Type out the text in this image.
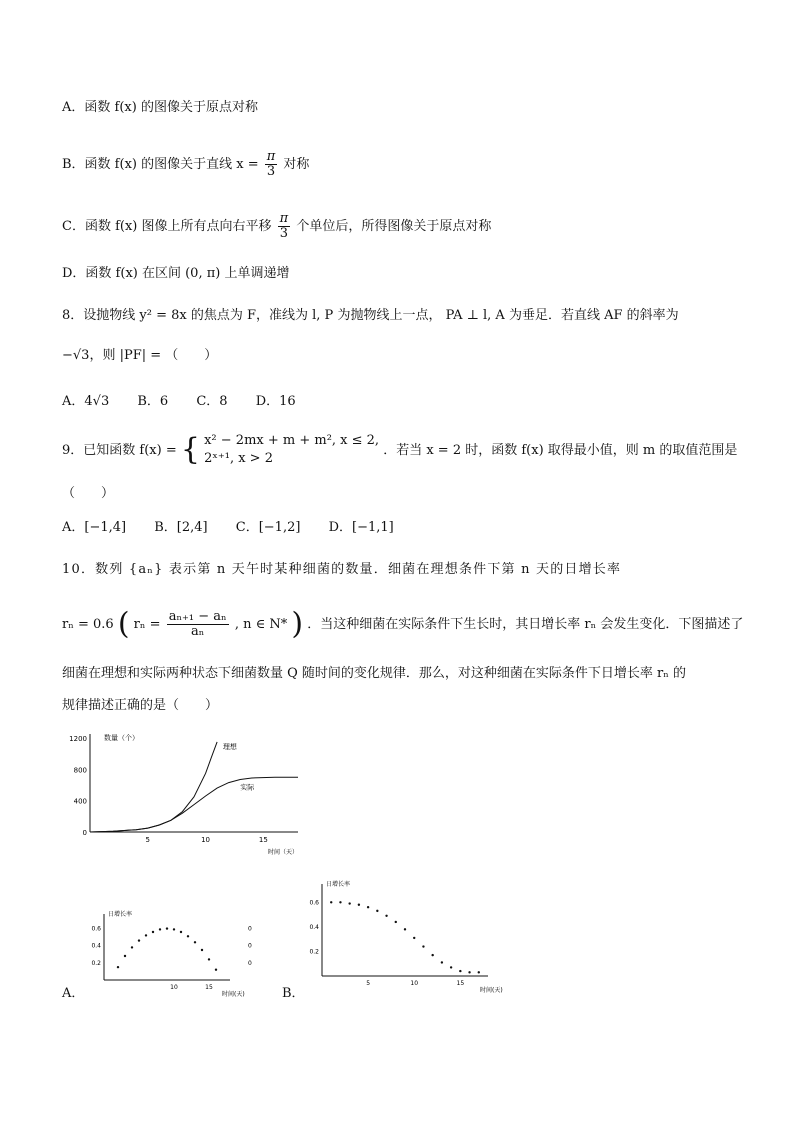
A．函数 f(x) 的图像关于原点对称
B．函数 f(x) 的图像关于直线 $x = \frac{\pi}{3}$ 对称
C．函数 f(x) 图像上所有点向右平移 $\frac{\pi}{3}$ 个单位后，所得图像关于原点对称
D．函数 f(x) 在区间 (0, π) 上单调递增
8．设抛物线 y² = 8x 的焦点为 F，准线为 l, P 为抛物线上一点， PA ⊥ l, A 为垂足．若直线 AF 的斜率为
−√3，则 |PF| = （　　）
A．4√3 B．6 C．8 D．16
9．已知函数 f(x) = { x² − 2mx + m + m², x ≤ 2,
2ˣ⁺¹, x > 2
．若当 x = 2 时，函数 f(x) 取得最小值，则 m 的取值范围是
（　　）
A．[−1,4] B．[2,4] C．[−1,2] D．[−1,1]
10．数列 {aₙ} 表示第 n 天午时某种细菌的数量．细菌在理想条件下第 n 天的日增长率
rₙ = 0.6 ( $r_n = \frac{\text{aₙ₊₁ − aₙ}}{\text{aₙ}}$ , n ∈ N* ) ．当这种细菌在实际条件下生长时，其日增长率 rₙ 会发生变化．下图描述了
细菌在理想和实际两种状态下细菌数量 Q 随时间的变化规律．那么，对这种细菌在实际条件下日增长率 rₙ 的
规律描述正确的是（　　）
1200
800
400
0
5	10	15
数量（个）
时间（天）
理想
实际
A．
日增长率
0.6
0.4
0.2
0
0
0
10	15
时间(天)	B．
日增长率
0.6
0.4
0.2
5	10	15
时间(天)
